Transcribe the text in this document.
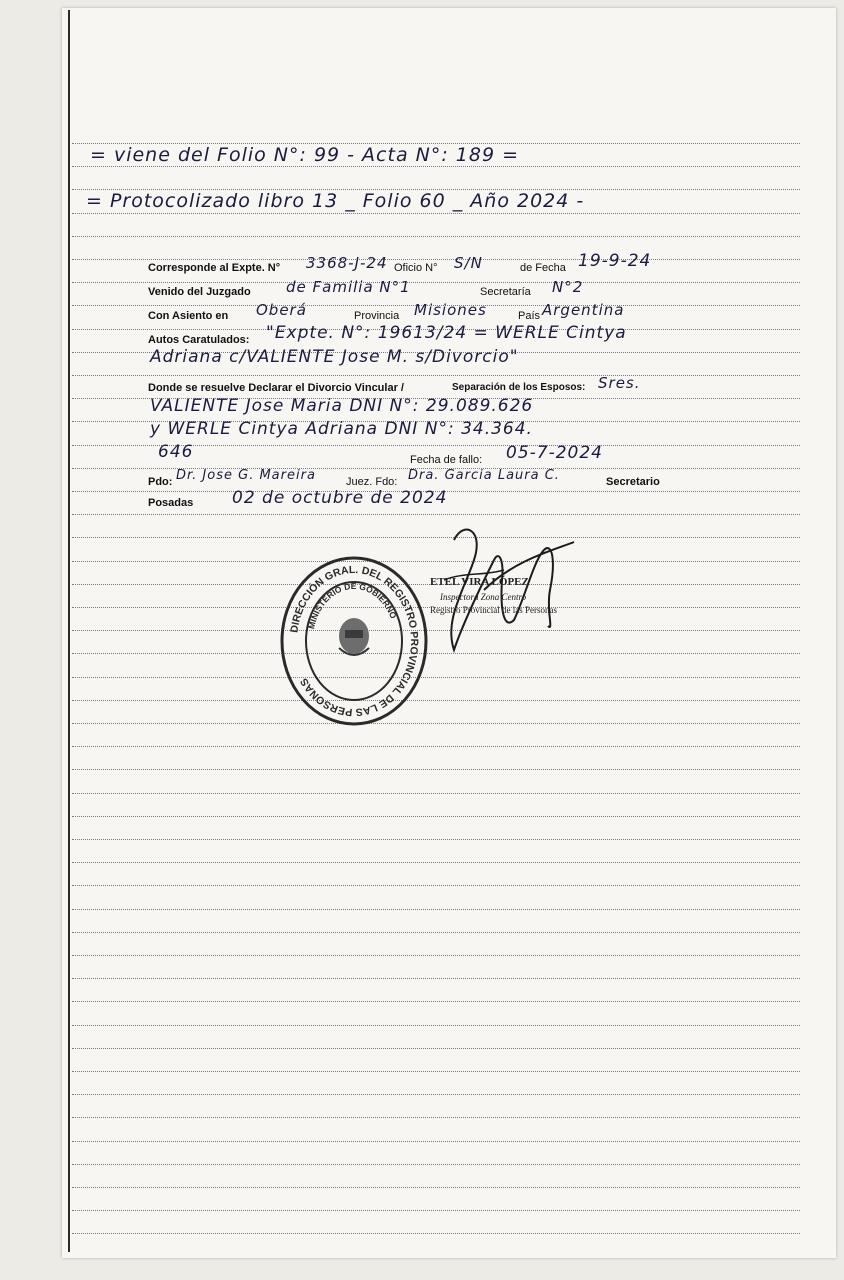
= viene del Folio N°: 99 - Acta N°: 189 =
= Protocolizado libro 13 _ Folio 60 _ Año 2024 -
Corresponde al Expte. N° 3368-J-24 Oficio N° S/N	de Fecha 19-9-24
Venido del Juzgado de Familia N°1	Secretaría N°2
Con Asiento en Oberá	Provincia Misiones	País Argentina
Autos Caratulados: "Expte. N°: 19613/24 = WERLE Cintya
Adriana c/VALIENTE Jose M. s/Divorcio"
Donde se resuelve Declarar el Divorcio Vincular /	Separación de los Esposos: Sres.
VALIENTE Jose Maria DNI N°: 29.089.626
y WERLE Cintya Adriana DNI N°: 34.364.
646	Fecha de fallo: 05-7-2024
Pdo: Dr. Jose G. Mareira	Juez. Fdo: Dra. Garcia Laura C.	Secretario
Posadas 02 de octubre de 2024
DIRECCIÓN GRAL. DEL REGISTRO PROVINCIAL DE LAS PERSONAS
MINISTERIO DE GOBIERNO
ETEL VIRA LÓPEZ
Inspectora Zona Centro
Registro Provincial de las Personas
